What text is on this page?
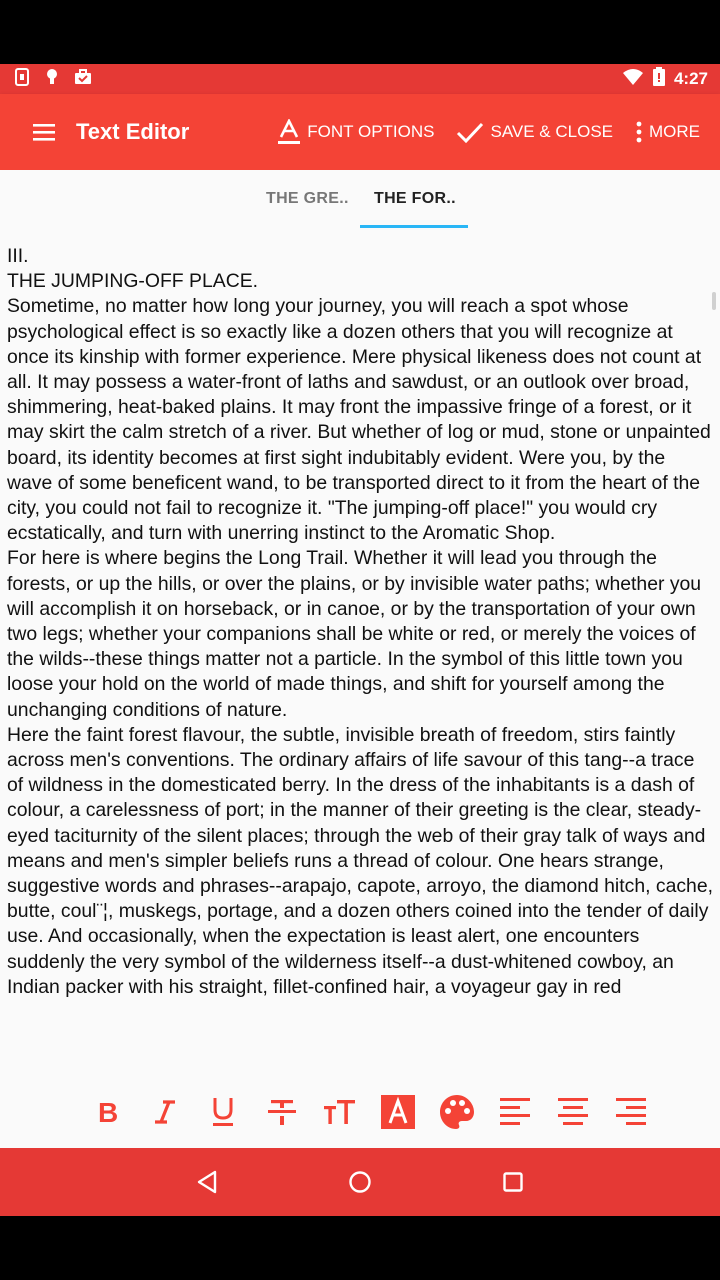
4:27
Text Editor	FONT OPTIONS	SAVE & CLOSE MORE
THE GRE.. THE FOR..

III.

THE JUMPING-OFF PLACE.

Sometime, no matter how long your journey, you will reach a spot whose psychological effect is so exactly like a dozen others that you will recognize at once its kinship with former experience. Mere physical likeness does not count at all. It may possess a water-front of laths and sawdust, or an outlook over broad, shimmering, heat-baked plains. It may front the impassive fringe of a forest, or it may skirt the calm stretch of a river. But whether of log or mud, stone or unpainted board, its identity becomes at first sight indubitably evident. Were you, by the wave of some beneficent wand, to be transported direct to it from the heart of the city, you could not fail to recognize it. "The jumping-off place!" you would cry ecstatically, and turn with unerring instinct to the Aromatic Shop.

For here is where begins the Long Trail. Whether it will lead you through the forests, or up the hills, or over the plains, or by invisible water paths; whether you will accomplish it on horseback, or in canoe, or by the transportation of your own two legs; whether your companions shall be white or red, or merely the voices of the wilds--these things matter not a particle. In the symbol of this little town you loose your hold on the world of made things, and shift for yourself among the unchanging conditions of nature.

Here the faint forest flavour, the subtle, invisible breath of freedom, stirs faintly across men's conventions. The ordinary affairs of life savour of this tang--a trace of wildness in the domesticated berry. In the dress of the inhabitants is a dash of colour, a carelessness of port; in the manner of their greeting is the clear, steady-eyed taciturnity of the silent places; through the web of their gray talk of ways and means and men's simpler beliefs runs a thread of colour. One hears strange, suggestive words and phrases--arapajo, capote, arroyo, the diamond hitch, cache, butte, coul¨¦, muskegs, portage, and a dozen others coined into the tender of daily use. And occasionally, when the expectation is least alert, one encounters suddenly the very symbol of the wilderness itself--a dust-whitened cowboy, an Indian packer with his straight, fillet-confined hair, a voyageur gay in red

B
